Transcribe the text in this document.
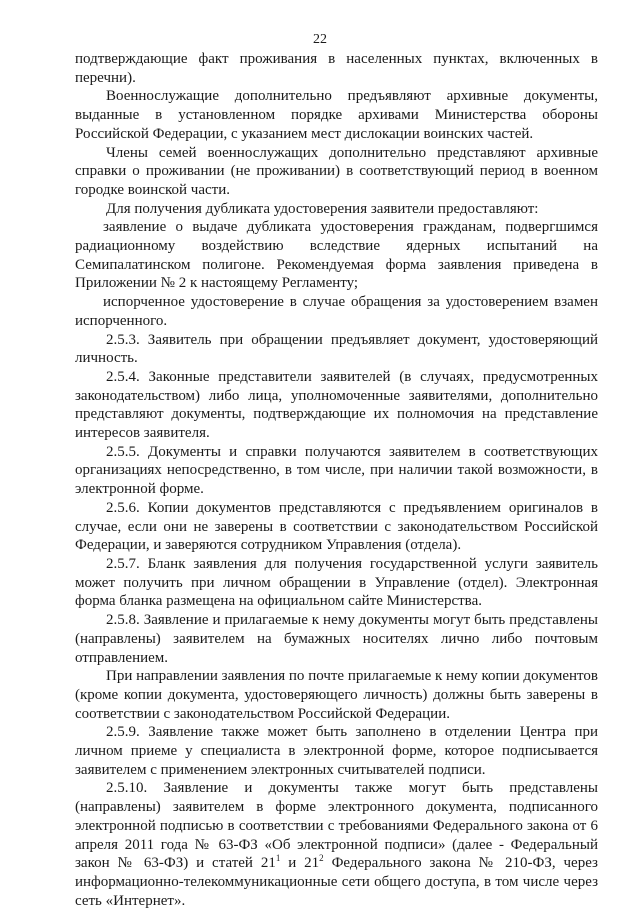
22

подтверждающие факт проживания в населенных пунктах, включенных в перечни).

Военнослужащие дополнительно предъявляют архивные документы, выданные в установленном порядке архивами Министерства обороны Российской Федерации, с указанием мест дислокации воинских частей.

Члены семей военнослужащих дополнительно представляют архивные справки о проживании (не проживании) в соответствующий период в военном городке воинской части.

Для получения дубликата удостоверения заявители предоставляют:

заявление о выдаче дубликата удостоверения гражданам, подвергшимся радиационному воздействию вследствие ядерных испытаний на Семипалатинском полигоне. Рекомендуемая форма заявления приведена в Приложении № 2 к настоящему Регламенту;

испорченное удостоверение в случае обращения за удостоверением взамен испорченного.

2.5.3. Заявитель при обращении предъявляет документ, удостоверяющий личность.

2.5.4. Законные представители заявителей (в случаях, предусмотренных законодательством) либо лица, уполномоченные заявителями, дополнительно представляют документы, подтверждающие их полномочия на представление интересов заявителя.

2.5.5. Документы и справки получаются заявителем в соответствующих организациях непосредственно, в том числе, при наличии такой возможности, в электронной форме.

2.5.6. Копии документов представляются с предъявлением оригиналов в случае, если они не заверены в соответствии с законодательством Российской Федерации, и заверяются сотрудником Управления (отдела).

2.5.7. Бланк заявления для получения государственной услуги заявитель может получить при личном обращении в Управление (отдел). Электронная форма бланка размещена на официальном сайте Министерства.

2.5.8. Заявление и прилагаемые к нему документы могут быть представлены (направлены) заявителем на бумажных носителях лично либо почтовым отправлением.

При направлении заявления по почте прилагаемые к нему копии документов (кроме копии документа, удостоверяющего личность) должны быть заверены в соответствии с законодательством Российской Федерации.

2.5.9. Заявление также может быть заполнено в отделении Центра при личном приеме у специалиста в электронной форме, которое подписывается заявителем с применением электронных считывателей подписи.

2.5.10. Заявление и документы также могут быть представлены (направлены) заявителем в форме электронного документа, подписанного электронной подписью в соответствии с требованиями Федерального закона от 6 апреля 2011 года № 63-ФЗ «Об электронной подписи» (далее - Федеральный закон № 63-ФЗ) и статей $21^1$ и $21^2$ Федерального закона № 210-ФЗ, через информационно-телекоммуникационные сети общего доступа, в том числе через сеть «Интернет».
